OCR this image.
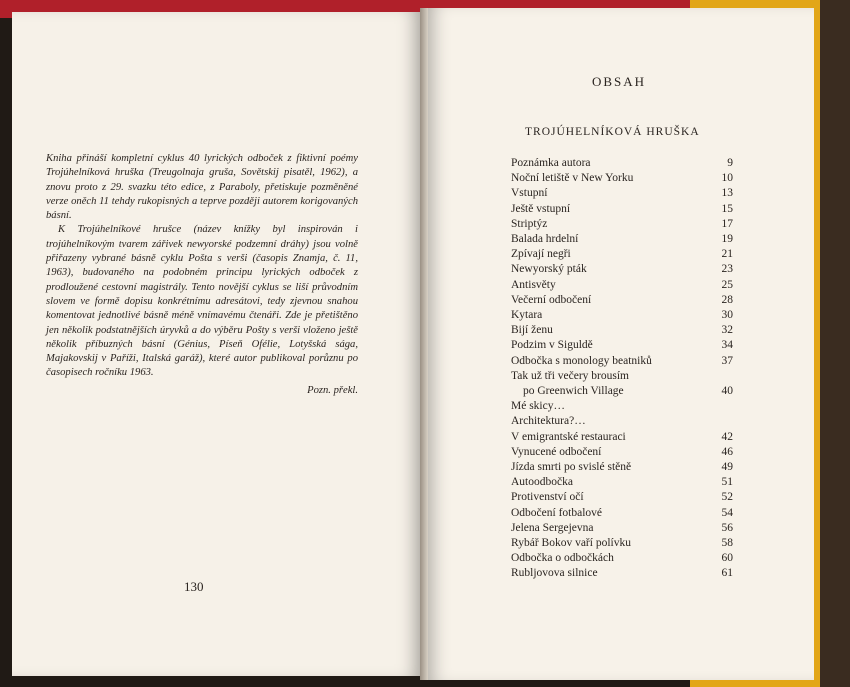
Kniha přináší kompletní cyklus 40 lyrických odboček z fiktivní poémy Trojúhelníková hruška (Treugolnaja gruša, Sovětskij pisatěl, 1962), a znovu proto z 29. svazku této edice, z Paraboly, přetiskuje pozměněné verze oněch 11 tehdy rukopisných a teprve později autorem korigovaných básní.

K Trojúhelníkové hrušce (název knížky byl inspirován i trojúhelníkovým tvarem zářivek newyorské podzemní dráhy) jsou volně přiřazeny vybrané básně cyklu Pošta s verši (časopis Znamja, č. 11, 1963), budovaného na podobném principu lyrických odboček z prodloužené cestovní magistrály. Tento novější cyklus se liší průvodním slovem ve formě dopisu konkrétnímu adresátovi, tedy zjevnou snahou komentovat jednotlivé básně méně vnímavému čtenáři. Zde je přetištěno jen několik podstatnějších úryvků a do výběru Pošty s verši vloženo ještě několik příbuzných básní (Génius, Píseň Ofélie, Lotyšská sága, Majakovskij v Paříži, Italská garáž), které autor publikoval porůznu po časopisech ročníku 1963.

Pozn. překl.

130
OBSAH
TROJÚHELNÍKOVÁ HRUŠKA
Poznámka autora	9
Noční letiště v New Yorku	10
Vstupní	13
Ještě vstupní	15
Striptýz	17
Balada hrdelní	19
Zpívají negři	21
Newyorský pták	23
Antisvěty	25
Večerní odbočení	28
Kytara	30
Bijí ženu	32
Podzim v Siguldě	34
Odbočka s monology beatniků	37
Tak už tři večery brousím
po Greenwich Village	40
Mé skicy…
Architektura?…
V emigrantské restauraci	42
Vynucené odbočení	46
Jízda smrti po svislé stěně	49
Autoodbočka	51
Protivenství očí	52
Odbočení fotbalové	54
Jelena Sergejevna	56
Rybář Bokov vaří polívku	58
Odbočka o odbočkách	60
Rubljovova silnice	61
